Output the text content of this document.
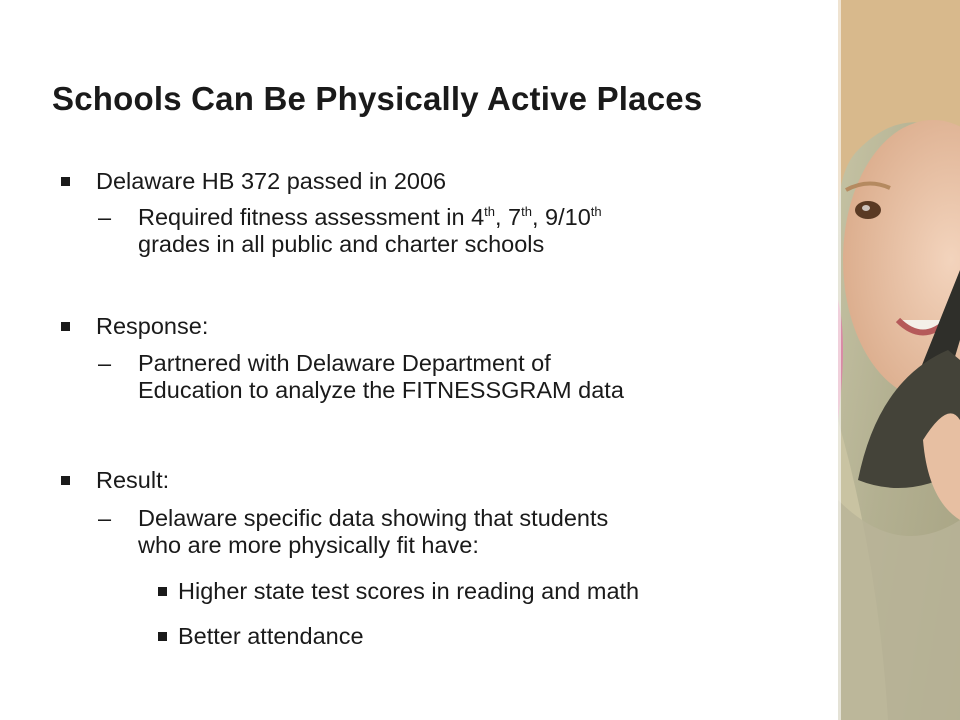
Schools Can Be Physically Active Places
Delaware HB 372 passed in 2006
– Required fitness assessment in 4th, 7th, 9/10th
grades in all public and charter schools
Response:
– Partnered with Delaware Department of
Education to analyze the FITNESSGRAM data
Result:
– Delaware specific data showing that students
who are more physically fit have:
Higher state test scores in reading and math
Better attendance
